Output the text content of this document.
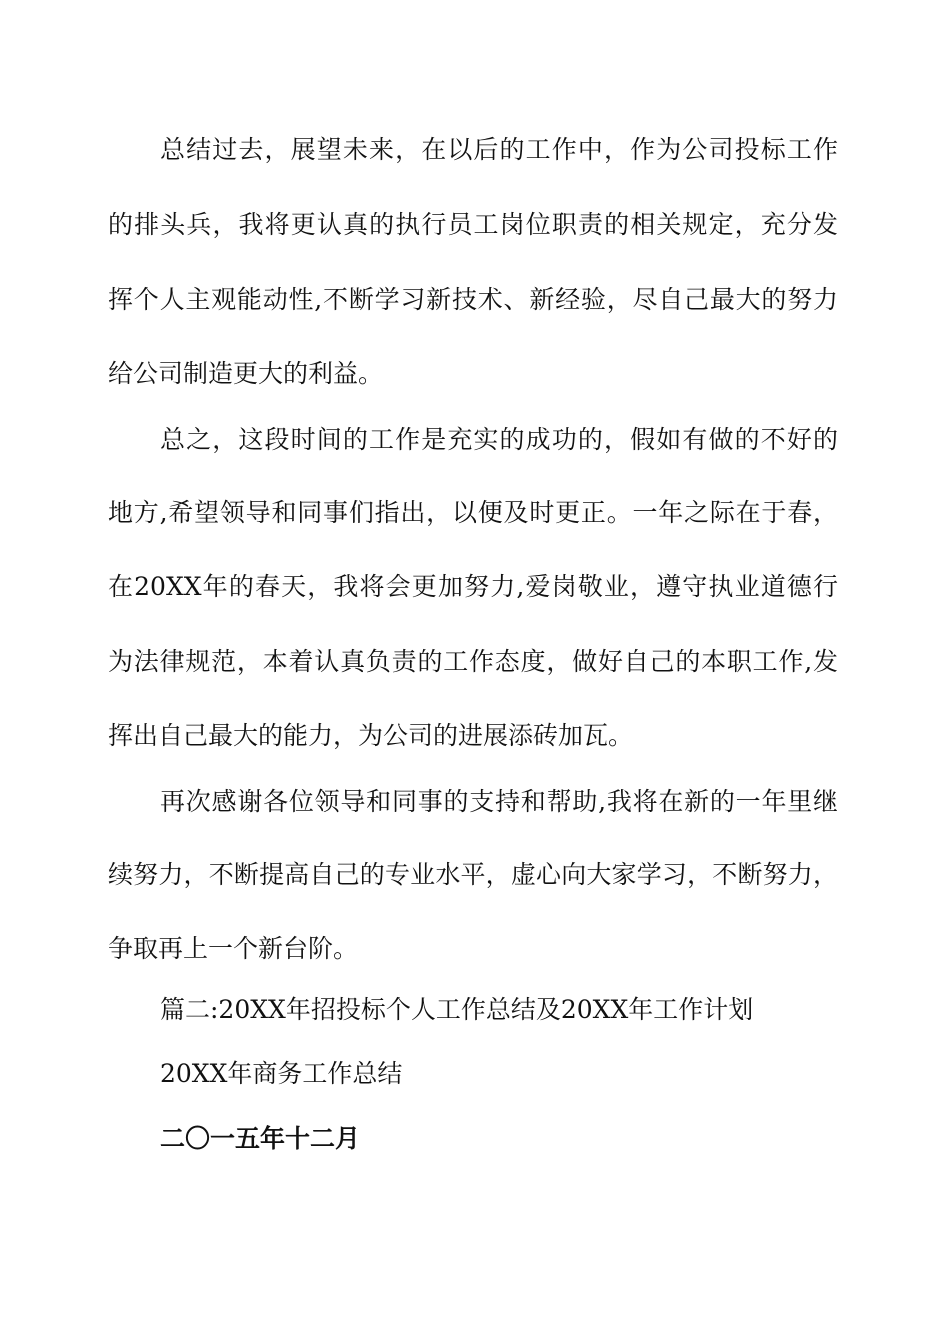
总结过去，展望未来，在以后的工作中，作为公司投标工作
的排头兵，我将更认真的执行员工岗位职责的相关规定，充分发
挥个人主观能动性,不断学习新技术、新经验，尽自己最大的努力
给公司制造更大的利益。
总之，这段时间的工作是充实的成功的，假如有做的不好的
地方,希望领导和同事们指出，以便及时更正。一年之际在于春，
在20XX年的春天，我将会更加努力,爱岗敬业，遵守执业道德行
为法律规范，本着认真负责的工作态度，做好自己的本职工作,发
挥出自己最大的能力，为公司的进展添砖加瓦。
再次感谢各位领导和同事的支持和帮助,我将在新的一年里继
续努力，不断提高自己的专业水平，虚心向大家学习，不断努力，
争取再上一个新台阶。
篇二:20XX年招投标个人工作总结及20XX年工作计划
20XX年商务工作总结
二〇一五年十二月
